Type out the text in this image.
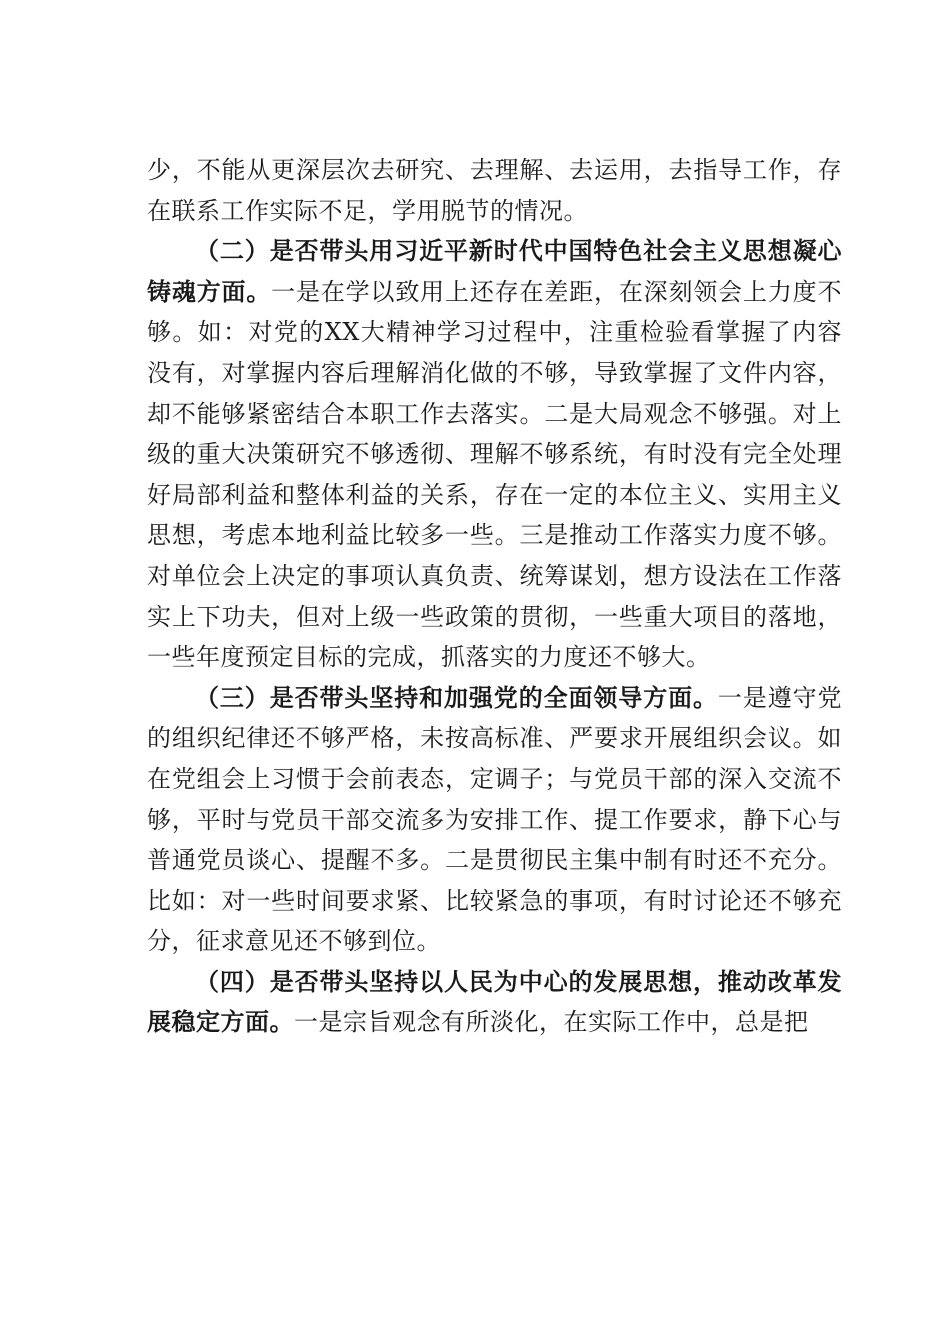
少，不能从更深层次去研究、去理解、去运用，去指导工作，存在联系工作实际不足，学用脱节的情况。

（二）是否带头用习近平新时代中国特色社会主义思想凝心铸魂方面。一是在学以致用上还存在差距，在深刻领会上力度不够。如：对党的XX大精神学习过程中，注重检验看掌握了内容没有，对掌握内容后理解消化做的不够，导致掌握了文件内容，却不能够紧密结合本职工作去落实。二是大局观念不够强。对上级的重大决策研究不够透彻、理解不够系统，有时没有完全处理好局部利益和整体利益的关系，存在一定的本位主义、实用主义思想，考虑本地利益比较多一些。三是推动工作落实力度不够。对单位会上决定的事项认真负责、统筹谋划，想方设法在工作落实上下功夫，但对上级一些政策的贯彻，一些重大项目的落地，一些年度预定目标的完成，抓落实的力度还不够大。

（三）是否带头坚持和加强党的全面领导方面。一是遵守党的组织纪律还不够严格，未按高标准、严要求开展组织会议。如在党组会上习惯于会前表态，定调子；与党员干部的深入交流不够，平时与党员干部交流多为安排工作、提工作要求，静下心与普通党员谈心、提醒不多。二是贯彻民主集中制有时还不充分。比如：对一些时间要求紧、比较紧急的事项，有时讨论还不够充分，征求意见还不够到位。

（四）是否带头坚持以人民为中心的发展思想，推动改革发展稳定方面。一是宗旨观念有所淡化，在实际工作中，总是把
